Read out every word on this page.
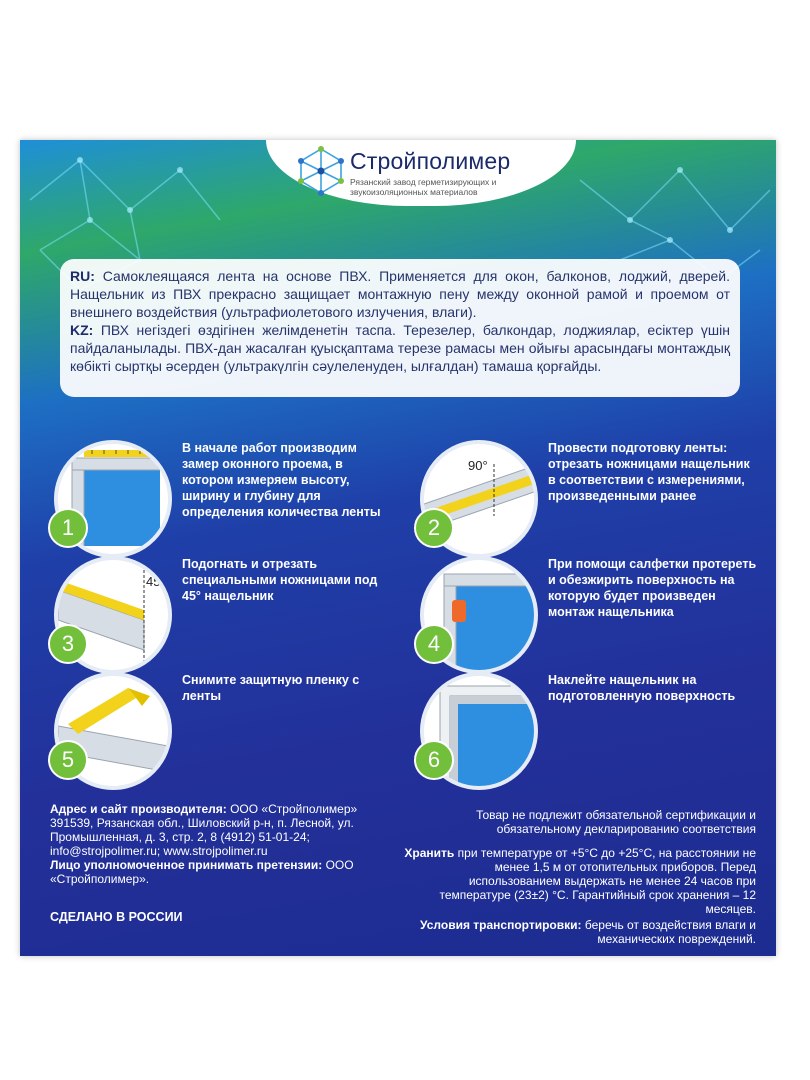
Стройполимер
Рязанский завод герметизирующих и звукоизоляционных материалов
RU: Самоклеящаяся лента на основе ПВХ. Применяется для окон, балконов, лоджий, дверей. Нащельник из ПВХ прекрасно защищает монтажную пену между оконной рамой и проемом от внешнего воздействия (ультрафиолетового излучения, влаги).
KZ: ПВХ негіздегі өздігінен желімденетін таспа. Терезелер, балкондар, лоджиялар, есіктер үшін пайдаланылады. ПВХ-дан жасалған қуысқаптама терезе рамасы мен ойығы арасындағы монтаждық көбікті сыртқы әсерден (ультракүлгін сәулеленуден, ылғалдан) тамаша қорғайды.
1
В начале работ производим замер оконного проема, в котором измеряем высоту, ширину и глубину для определения количества ленты
90°
2
Провести подготовку ленты: отрезать ножницами нащельник в соответствии с измерениями, произведенными ранее
45°
3
Подогнать и отрезать специальными ножницами под 45° нащельник
4
При помощи салфетки протереть и обезжирить поверхность на которую будет произведен монтаж нащельника
5
Снимите защитную пленку с ленты
6
Наклейте нащельник на подготовленную поверхность
Адрес и сайт производителя: ООО «Стройполимер» 391539, Рязанская обл., Шиловский р-н, п. Лесной, ул. Промышленная, д. 3, стр. 2, 8 (4912) 51-01-24; info@strojpolimer.ru; www.strojpolimer.ru
Лицо уполномоченное принимать претензии: ООО «Стройполимер».
СДЕЛАНО В РОССИИ
Товар не подлежит обязательной сертификации и обязательному декларированию соответствия
Хранить при температуре от +5°С до +25°С, на расстоянии не менее 1,5 м от отопительных приборов. Перед использованием выдержать не менее 24 часов при температуре (23±2) °С. Гарантийный срок хранения – 12 месяцев.
Условия транспортировки: беречь от воздействия влаги и механических повреждений.
